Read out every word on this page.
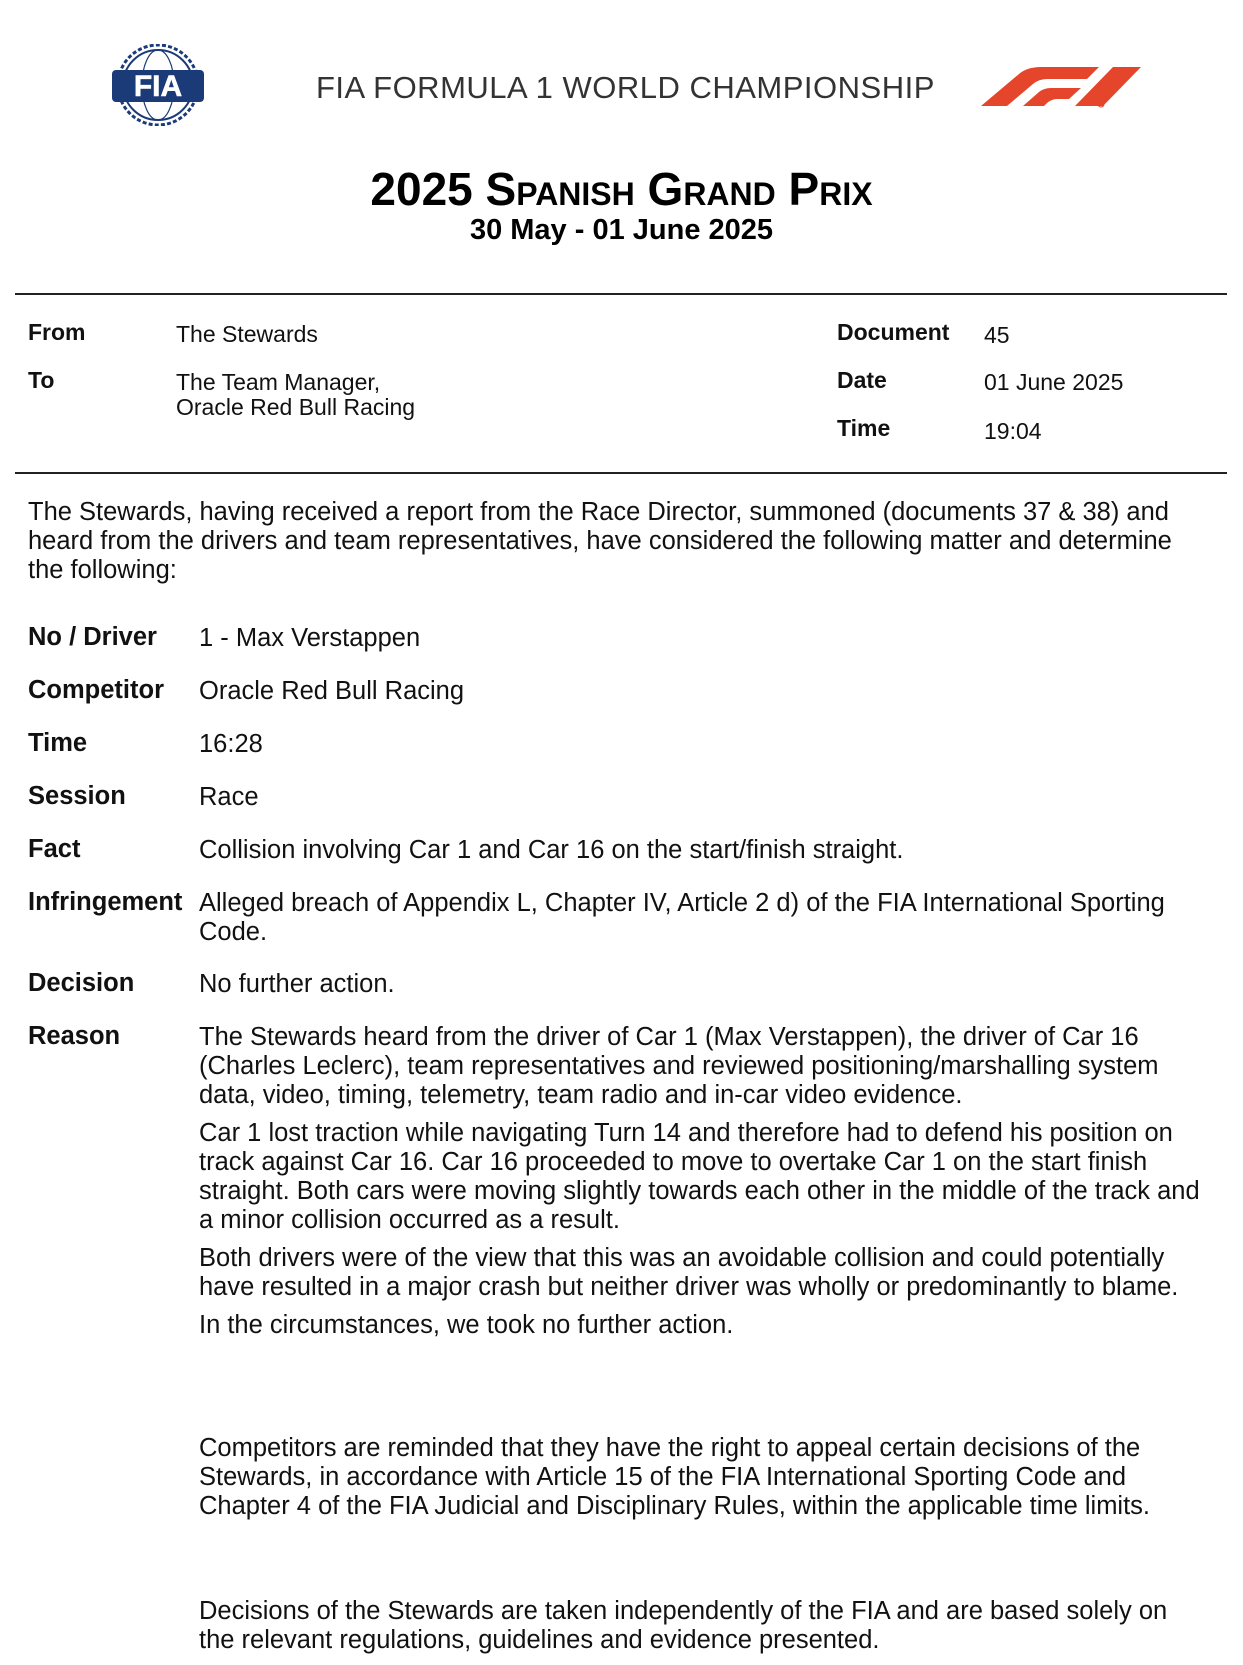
FIA	FIA FORMULA 1 WORLD CHAMPIONSHIP
2025 Spanish Grand Prix
30 May - 01 June 2025
From	The Stewards
To	The Team Manager,
Oracle Red Bull Racing
Document 45
Date	01 June 2025
Time	19:04
The Stewards, having received a report from the Race Director, summoned (documents 37 & 38) and heard from the drivers and team representatives, have considered the following matter and determine the following:
No / Driver 1 - Max Verstappen
Competitor Oracle Red Bull Racing
Time	16:28
Session	Race
Fact	Collision involving Car 1 and Car 16 on the start/finish straight.
Infringement Alleged breach of Appendix L, Chapter IV, Article 2 d) of the FIA International Sporting Code.
Decision	No further action.
Reason	The Stewards heard from the driver of Car 1 (Max Verstappen), the driver of Car 16 (Charles Leclerc), team representatives and reviewed positioning/marshalling system data, video, timing, telemetry, team radio and in-car video evidence.

Car 1 lost traction while navigating Turn 14 and therefore had to defend his position on track against Car 16. Car 16 proceeded to move to overtake Car 1 on the start finish straight. Both cars were moving slightly towards each other in the middle of the track and a minor collision occurred as a result.

Both drivers were of the view that this was an avoidable collision and could potentially have resulted in a major crash but neither driver was wholly or predominantly to blame.

In the circumstances, we took no further action.

Competitors are reminded that they have the right to appeal certain decisions of the Stewards, in accordance with Article 15 of the FIA International Sporting Code and Chapter 4 of the FIA Judicial and Disciplinary Rules, within the applicable time limits.
Decisions of the Stewards are taken independently of the FIA and are based solely on the relevant regulations, guidelines and evidence presented.
